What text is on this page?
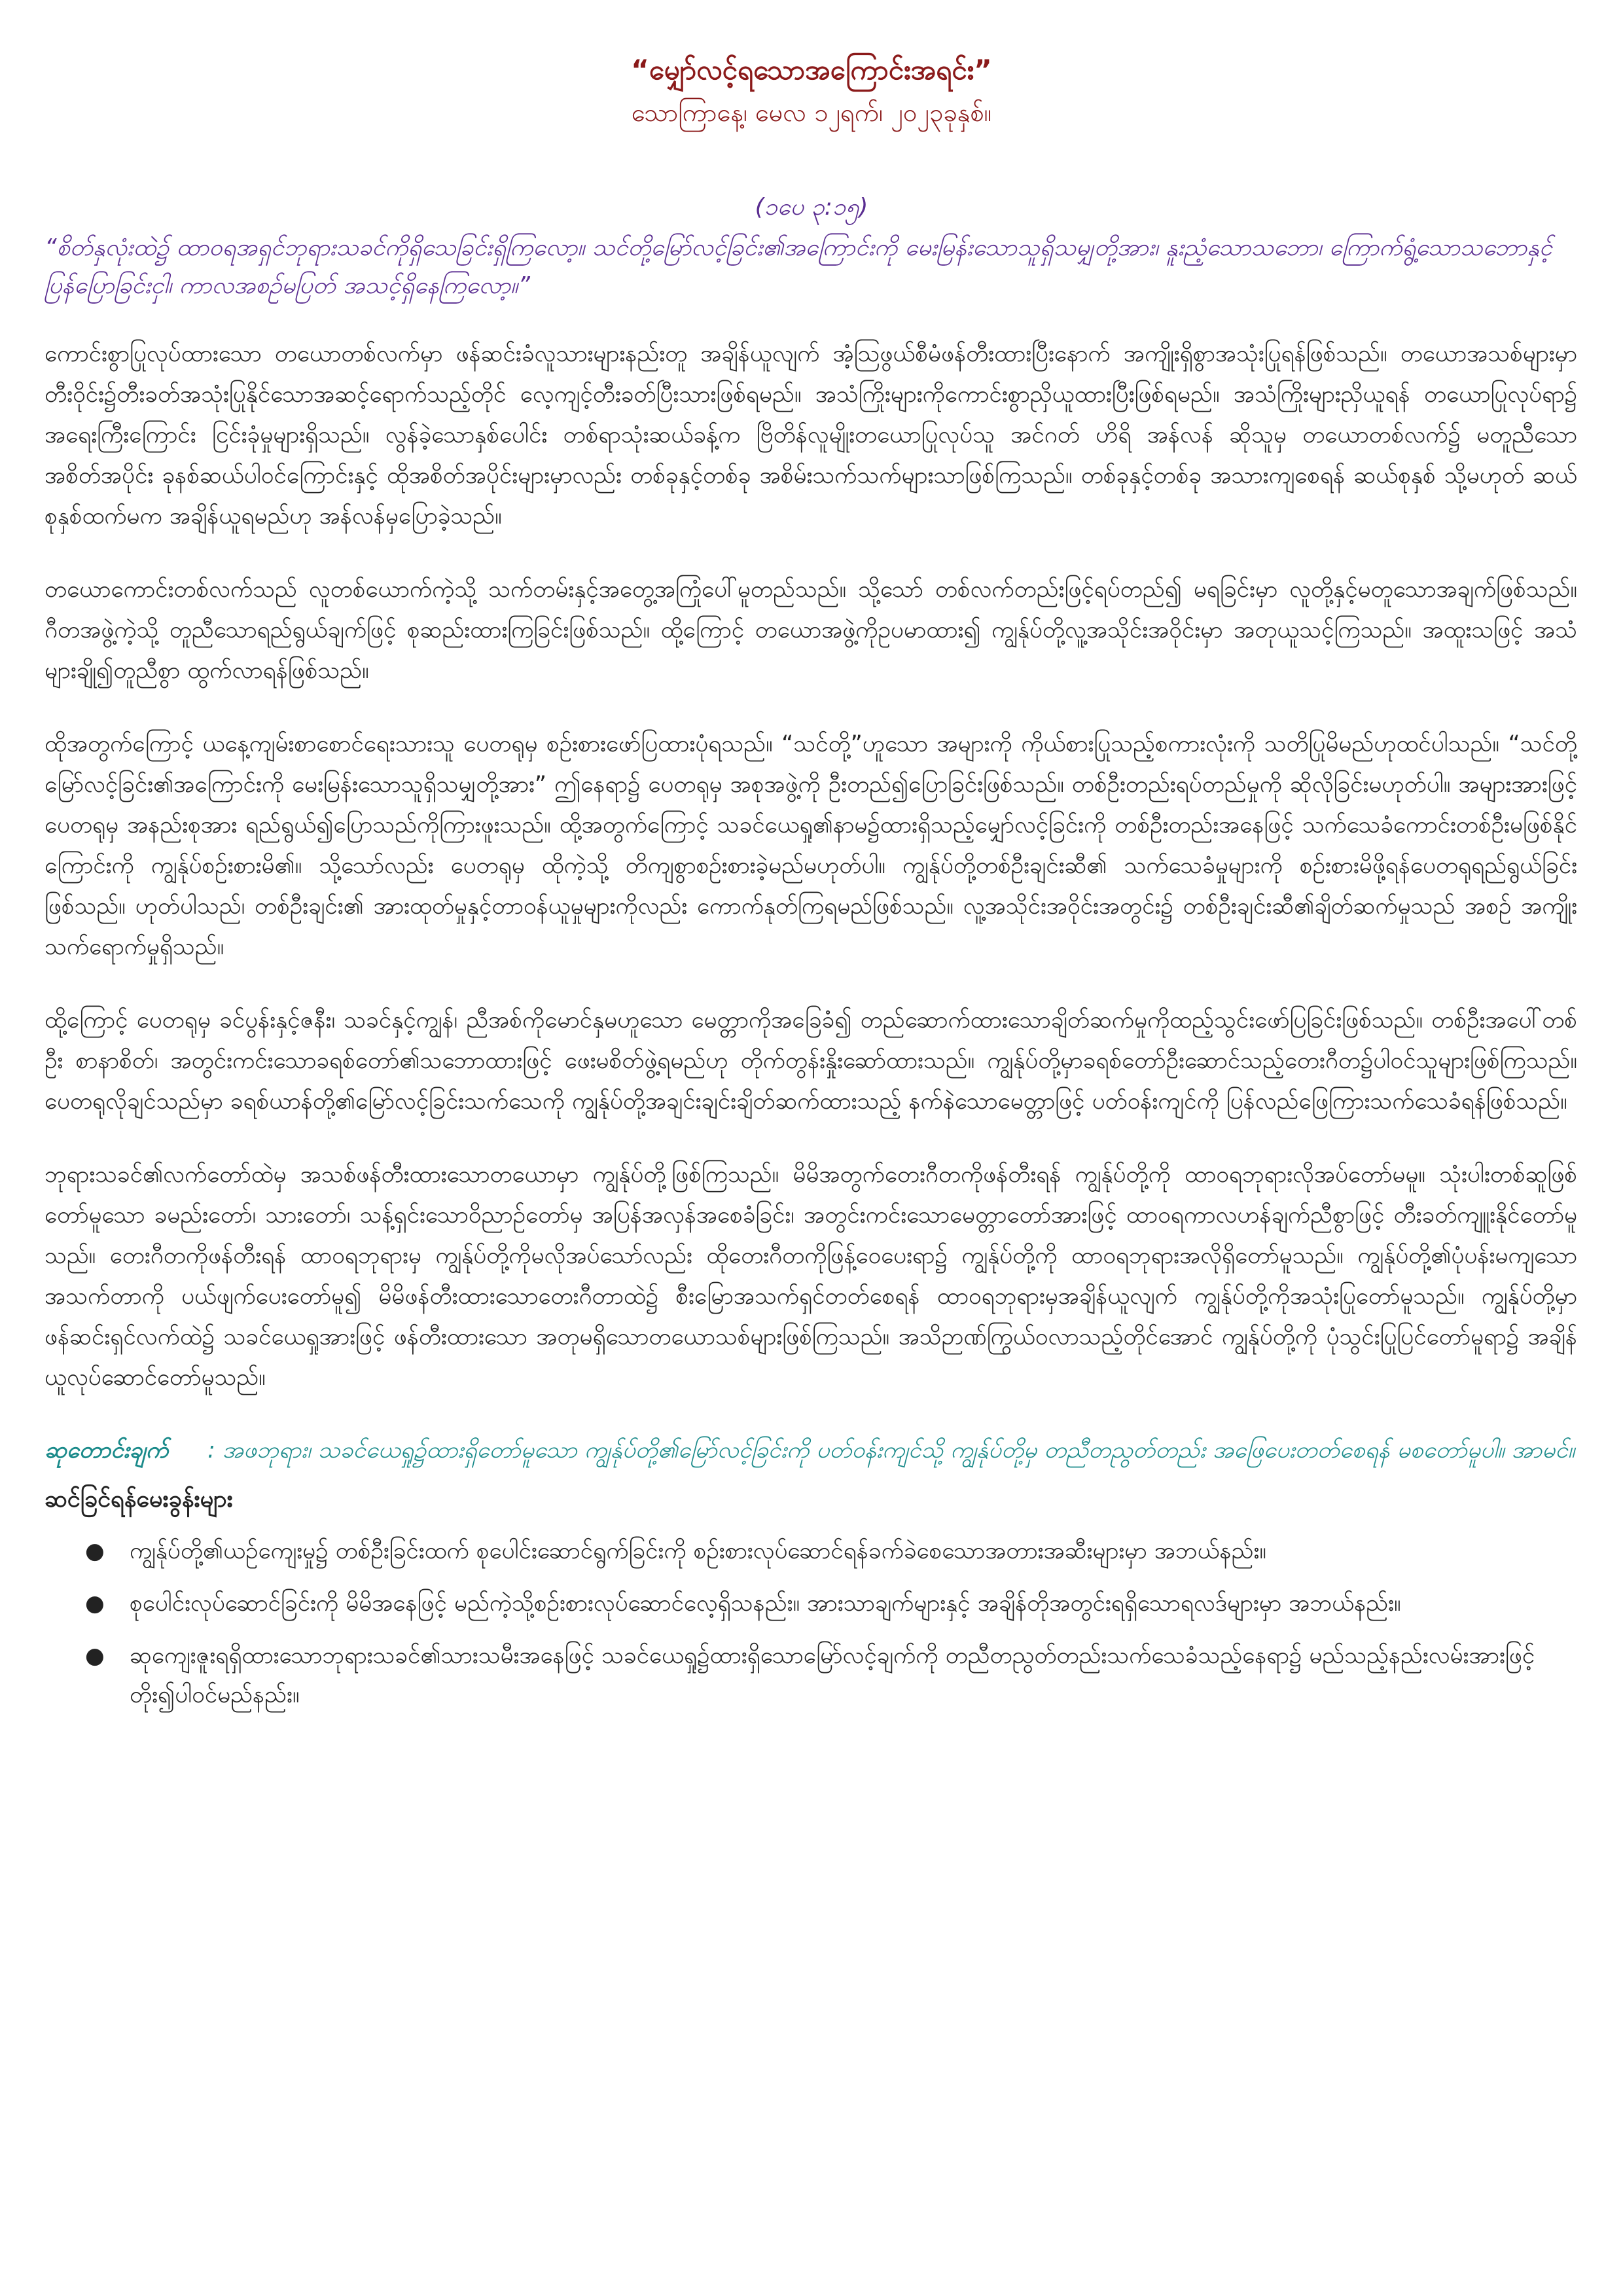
“မျှော်လင့်ရသောအကြောင်းအရင်း”
သောကြာနေ့၊ မေလ ၁၂ရက်၊ ၂၀၂၃ခုနှစ်။
(၁ပေ ၃:၁၅)
“စိတ်နှလုံးထဲ၌ ထာဝရအရှင်ဘုရားသခင်ကိုရှိသေခြင်းရှိကြလော့။ သင်တို့မြော်လင့်ခြင်း၏အကြောင်းကို မေးမြန်းသောသူရှိသမျှတို့အား၊ နူးညံ့သောသဘော၊ ကြောက်ရွံ့သောသဘောနှင့်ပြန်ပြောခြင်းငှါ၊ ကာလအစဉ်မပြတ် အသင့်ရှိနေကြလော့။”
ကောင်းစွာပြုလုပ်ထားသော တယောတစ်လက်မှာ ဖန်ဆင်းခံလူသားများနည်းတူ အချိန်ယူလျက် အံ့သြဖွယ်စီမံဖန်တီးထားပြီးနောက် အကျိုးရှိစွာအသုံးပြုရန်ဖြစ်သည်။ တယောအသစ်များမှာ တီးဝိုင်း၌တီးခတ်အသုံးပြုနိုင်သောအဆင့်ရောက်သည့်တိုင် လေ့ကျင့်တီးခတ်ပြီးသားဖြစ်ရမည်။ အသံကြိုးများကိုကောင်းစွာညှိယူထားပြီးဖြစ်ရမည်။ အသံကြိုးများညှိယူရန် တယောပြုလုပ်ရာ၌ အရေးကြီးကြောင်း ငြင်းခုံမှုများရှိသည်။ လွန်ခဲ့သောနှစ်ပေါင်း တစ်ရာသုံးဆယ်ခန့်က ဗြိတိန်လူမျိုးတယောပြုလုပ်သူ အင်ဂတ် ဟိရိ အန်လန် ဆိုသူမှ တယောတစ်လက်၌ မတူညီသောအစိတ်အပိုင်း ခုနစ်ဆယ်ပါဝင်ကြောင်းနှင့် ထိုအစိတ်အပိုင်းများမှာလည်း တစ်ခုနှင့်တစ်ခု အစိမ်းသက်သက်များသာဖြစ်ကြသည်။ တစ်ခုနှင့်တစ်ခု အသားကျစေရန် ဆယ်စုနှစ် သို့မဟုတ် ဆယ်စုနှစ်ထက်မက အချိန်ယူရမည်ဟု အန်လန်မှပြောခဲ့သည်။
တယောကောင်းတစ်လက်သည် လူတစ်ယောက်ကဲ့သို့ သက်တမ်းနှင့်အတွေ့အကြုံပေါ်မူတည်သည်။ သို့သော် တစ်လက်တည်းဖြင့်ရပ်တည်၍ မရခြင်းမှာ လူတို့နှင့်မတူသောအချက်ဖြစ်သည်။ ဂီတအဖွဲ့ကဲ့သို့ တူညီသောရည်ရွယ်ချက်ဖြင့် စုဆည်းထားကြခြင်းဖြစ်သည်။ ထို့ကြောင့် တယောအဖွဲ့ကိုဥပမာထား၍ ကျွန်ုပ်တို့လူ့အသိုင်းအဝိုင်းမှာ အတုယူသင့်ကြသည်။ အထူးသဖြင့် အသံများချို၍တူညီစွာ ထွက်လာရန်ဖြစ်သည်။
ထိုအတွက်ကြောင့် ယနေ့ကျမ်းစာစောင်ရေးသားသူ ပေတရုမှ စဉ်းစားဖော်ပြထားပုံရသည်။ “သင်တို့”ဟူသော အများကို ကိုယ်စားပြုသည့်စကားလုံးကို သတိပြုမိမည်ဟုထင်ပါသည်။ “သင်တို့မြော်လင့်ခြင်း၏အကြောင်းကို မေးမြန်းသောသူရှိသမျှတို့အား” ဤနေရာ၌ ပေတရုမှ အစုအဖွဲ့ကို ဦးတည်၍ပြောခြင်းဖြစ်သည်။ တစ်ဦးတည်းရပ်တည်မှုကို ဆိုလိုခြင်းမဟုတ်ပါ။ အများအားဖြင့် ပေတရုမှ အနည်းစုအား ရည်ရွယ်၍ပြောသည်ကိုကြားဖူးသည်။ ထို့အတွက်ကြောင့် သခင်ယေရှု၏နာမ၌ထားရှိသည့်မျှော်လင့်ခြင်းကို တစ်ဦးတည်းအနေဖြင့် သက်သေခံကောင်းတစ်ဦးမဖြစ်နိုင်ကြောင်းကို ကျွန်ုပ်စဉ်းစားမိ၏။ သို့သော်လည်း ပေတရုမှ ထိုကဲ့သို့ တိကျစွာစဉ်းစားခဲ့မည်မဟုတ်ပါ။ ကျွန်ုပ်တို့တစ်ဦးချင်းဆီ၏ သက်သေခံမှုများကို စဉ်းစားမိဖို့ရန်ပေတရုရည်ရွယ်ခြင်းဖြစ်သည်။ ဟုတ်ပါသည်၊ တစ်ဦးချင်း၏ အားထုတ်မှုနှင့်တာဝန်ယူမှုများကိုလည်း ကောက်နုတ်ကြရမည်ဖြစ်သည်။ လူ့အသိုင်းအဝိုင်းအတွင်း၌ တစ်ဦးချင်းဆီ၏ချိတ်ဆက်မှုသည် အစဉ် အကျိုးသက်ရောက်မှုရှိသည်။
ထို့ကြောင့် ပေတရုမှ ခင်ပွန်းနှင့်ဇနီး၊ သခင်နှင့်ကျွန်၊ ညီအစ်ကိုမောင်နှမဟူသော မေတ္တာကိုအခြေခံ၍ တည်ဆောက်ထားသောချိတ်ဆက်မှုကိုထည့်သွင်းဖော်ပြခြင်းဖြစ်သည်။ တစ်ဦးအပေါ်တစ်ဦး စာနာစိတ်၊ အတွင်းကင်းသောခရစ်တော်၏သဘောထားဖြင့် ဖေးမစိတ်ဖွဲ့ရမည်ဟု တိုက်တွန်းနှိုးဆော်ထားသည်။ ကျွန်ုပ်တို့မှာခရစ်တော်ဦးဆောင်သည့်တေးဂီတ၌ပါဝင်သူများဖြစ်ကြသည်။ ပေတရုလိုချင်သည်မှာ ခရစ်ယာန်တို့၏မြော်လင့်ခြင်းသက်သေကို ကျွန်ုပ်တို့အချင်းချင်းချိတ်ဆက်ထားသည့် နက်နဲသောမေတ္တာဖြင့် ပတ်ဝန်းကျင်ကို ပြန်လည်ဖြေကြားသက်သေခံရန်ဖြစ်သည်။
ဘုရားသခင်၏လက်တော်ထဲမှ အသစ်ဖန်တီးထားသောတယောမှာ ကျွန်ုပ်တို့ဖြစ်ကြသည်။ မိမိအတွက်တေးဂီတကိုဖန်တီးရန် ကျွန်ုပ်တို့ကို ထာဝရဘုရားလိုအပ်တော်မမူ။ သုံးပါးတစ်ဆူဖြစ်တော်မူသော ခမည်းတော်၊ သားတော်၊ သန့်ရှင်းသောဝိညာဉ်တော်မှ အပြန်အလှန်အစေခံခြင်း၊ အတွင်းကင်းသောမေတ္တာတော်အားဖြင့် ထာဝရကာလဟန်ချက်ညီစွာဖြင့် တီးခတ်ကျူးနိုင်တော်မူသည်။ တေးဂီတကိုဖန်တီးရန် ထာဝရဘုရားမှ ကျွန်ုပ်တို့ကိုမလိုအပ်သော်လည်း ထိုတေးဂီတကိုဖြန့်ဝေပေးရာ၌ ကျွန်ုပ်တို့ကို ထာဝရဘုရားအလိုရှိတော်မူသည်။ ကျွန်ုပ်တို့၏ပုံပန်းမကျသောအသက်တာကို ပယ်ဖျက်ပေးတော်မူ၍ မိမိဖန်တီးထားသောတေးဂီတာထဲ၌ စီးမြောအသက်ရှင်တတ်စေရန် ထာဝရဘုရားမှအချိန်ယူလျက် ကျွန်ုပ်တို့ကိုအသုံးပြုတော်မူသည်။ ကျွန်ုပ်တို့မှာဖန်ဆင်းရှင်လက်ထဲ၌ သခင်ယေရှုအားဖြင့် ဖန်တီးထားသော အတုမရှိသောတယောသစ်များဖြစ်ကြသည်။ အသိဉာဏ်ကြွယ်ဝလာသည့်တိုင်အောင် ကျွန်ုပ်တို့ကို ပုံသွင်းပြုပြင်တော်မူရာ၌ အချိန်ယူလုပ်ဆောင်တော်မူသည်။
ဆုတောင်းချက် : အဖဘုရား၊ သခင်ယေရှု၌ထားရှိတော်မူသော ကျွန်ုပ်တို့၏မြော်လင့်ခြင်းကို ပတ်ဝန်းကျင်သို့ ကျွန်ုပ်တို့မှ တညီတညွတ်တည်း အဖြေပေးတတ်စေရန် မစတော်မူပါ။ အာမင်။
ဆင်ခြင်ရန်မေးခွန်းများ
● ကျွန်ုပ်တို့၏ယဉ်ကျေးမှု၌ တစ်ဦးခြင်းထက် စုပေါင်းဆောင်ရွက်ခြင်းကို စဉ်းစားလုပ်ဆောင်ရန်ခက်ခဲစေသောအတားအဆီးများမှာ အဘယ်နည်း။
● စုပေါင်းလုပ်ဆောင်ခြင်းကို မိမိအနေဖြင့် မည်ကဲ့သို့စဉ်းစားလုပ်ဆောင်လေ့ရှိသနည်း။ အားသာချက်များနှင့် အချိန်တိုအတွင်းရရှိသောရလဒ်များမှာ အဘယ်နည်း။
● ဆုကျေးဇူးရရှိထားသောဘုရားသခင်၏သားသမီးအနေဖြင့် သခင်ယေရှု၌ထားရှိသောမြော်လင့်ချက်ကို တညီတညွတ်တည်းသက်သေခံသည့်နေရာ၌ မည်သည့်နည်းလမ်းအားဖြင့် တိုး၍ပါဝင်မည်နည်း။
